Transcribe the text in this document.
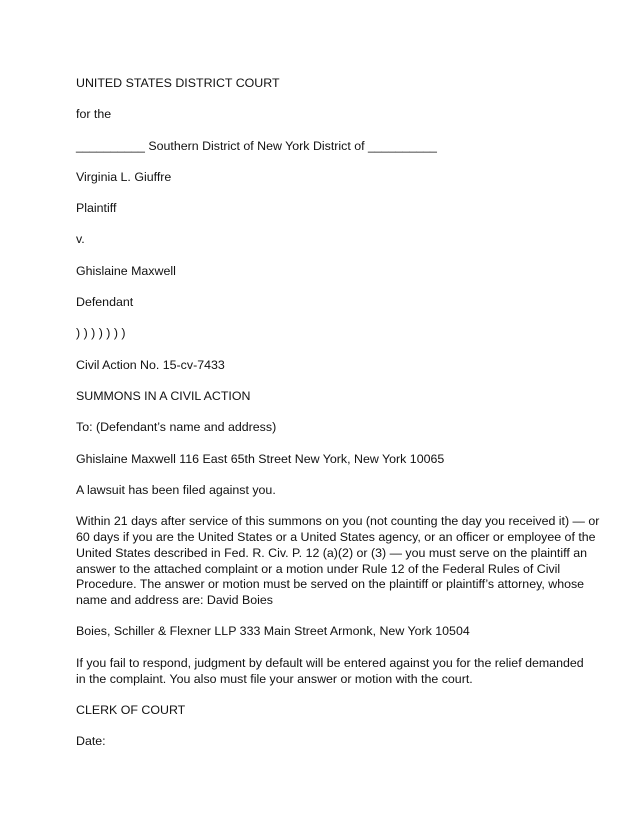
UNITED STATES DISTRICT COURT

for the

__________ Southern District of New York District of __________

Virginia L. Giuffre

Plaintiff

v.

Ghislaine Maxwell

Defendant

) ) ) ) ) ) )

Civil Action No. 15-cv-7433

SUMMONS IN A CIVIL ACTION

To: (Defendant’s name and address)

Ghislaine Maxwell 116 East 65th Street New York, New York 10065

A lawsuit has been filed against you.

Within 21 days after service of this summons on you (not counting the day you received it) — or
60 days if you are the United States or a United States agency, or an officer or employee of the
United States described in Fed. R. Civ. P. 12 (a)(2) or (3) — you must serve on the plaintiff an
answer to the attached complaint or a motion under Rule 12 of the Federal Rules of Civil
Procedure. The answer or motion must be served on the plaintiff or plaintiff’s attorney, whose
name and address are: David Boies

Boies, Schiller & Flexner LLP 333 Main Street Armonk, New York 10504

If you fail to respond, judgment by default will be entered against you for the relief demanded
in the complaint. You also must file your answer or motion with the court.

CLERK OF COURT

Date:
